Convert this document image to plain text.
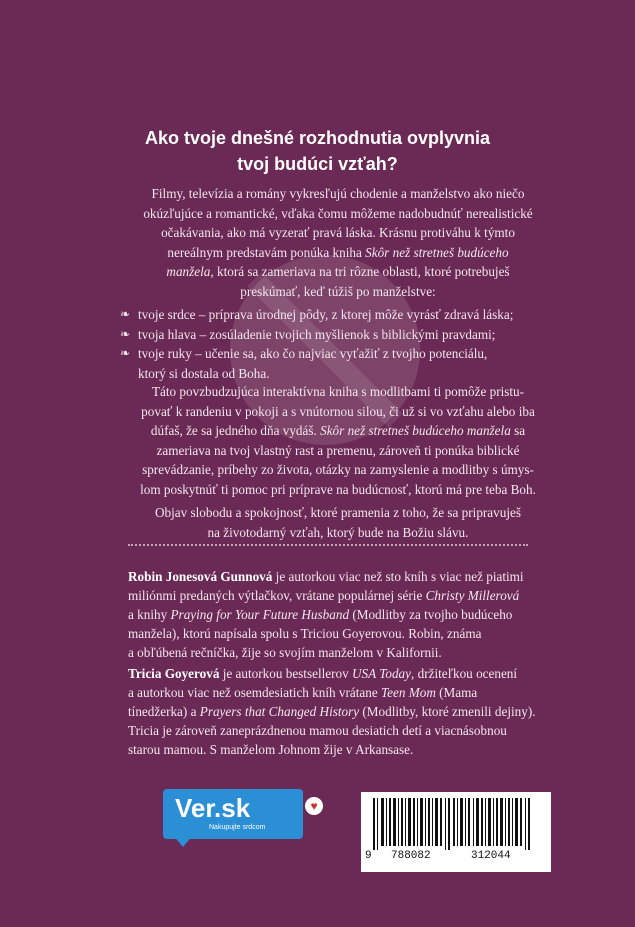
Ako tvoje dnešné rozhodnutia ovplyvnia
tvoj budúci vzťah?
Filmy, televízia a romány vykresľujú chodenie a manželstvo ako niečo
okúzľujúce a romantické, vďaka čomu môžeme nadobudnúť nerealistické
očakávania, ako má vyzerať pravá láska. Krásnu protiváhu k týmto
nereálnym predstavám ponúka kniha Skôr než stretneš budúceho
manžela, ktorá sa zameriava na tri rôzne oblasti, ktoré potrebuješ
preskúmať, keď túžiš po manželstve:
❧ tvoje srdce – príprava úrodnej pôdy, z ktorej môže vyrásť zdravá láska;
❧ tvoja hlava – zosúladenie tvojich myšlienok s biblickými pravdami;
❧ tvoje ruky – učenie sa, ako čo najviac vyťažiť z tvojho potenciálu,
ktorý si dostala od Boha.
Táto povzbudzujúca interaktívna kniha s modlitbami ti pomôže pristu-
povať k randeniu v pokoji a s vnútornou silou, či už si vo vzťahu alebo iba
dúfaš, že sa jedného dňa vydáš. Skôr než stretneš budúceho manžela sa
zameriava na tvoj vlastný rast a premenu, zároveň ti ponúka biblické
sprevádzanie, príbehy zo života, otázky na zamyslenie a modlitby s úmys-
lom poskytnúť ti pomoc pri príprave na budúcnosť, ktorú má pre teba Boh.
Objav slobodu a spokojnosť, ktoré pramenia z toho, že sa pripravuješ
na životodarný vzťah, ktorý bude na Božiu slávu.
Robin Jonesová Gunnová je autorkou viac než sto kníh s viac než piatimi
miliónmi predaných výtlačkov, vrátane populárnej série Christy Millerová
a knihy Praying for Your Future Husband (Modlitby za tvojho budúceho
manžela), ktorú napísala spolu s Triciou Goyerovou. Robin, známa
a obľúbená rečníčka, žije so svojím manželom v Kalifornii.
Tricia Goyerová je autorkou bestsellerov USA Today, držiteľkou ocenení
a autorkou viac než osemdesiatich kníh vrátane Teen Mom (Mama
tínedžerka) a Prayers that Changed History (Modlitby, ktoré zmenili dejiny).
Tricia je zároveň zaneprázdnenou mamou desiatich detí a viacnásobnou
starou mamou. S manželom Johnom žije v Arkansase.
Ver.sk
Nakupujte srdcom
♥
9 788082	312044
